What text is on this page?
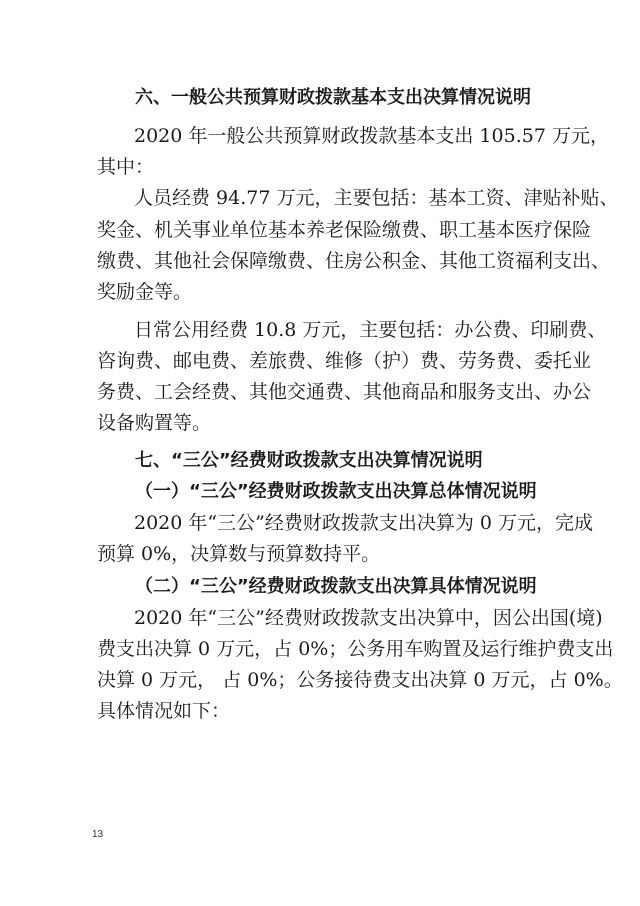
六、一般公共预算财政拨款基本支出决算情况说明
2020 年一般公共预算财政拨款基本支出 105.57 万元，
其中：
人员经费 94.77 万元，主要包括：基本工资、津贴补贴、
奖金、机关事业单位基本养老保险缴费、职工基本医疗保险
缴费、其他社会保障缴费、住房公积金、其他工资福利支出、
奖励金等。
日常公用经费 10.8 万元，主要包括：办公费、印刷费、
咨询费、邮电费、差旅费、维修（护）费、劳务费、委托业
务费、工会经费、其他交通费、其他商品和服务支出、办公
设备购置等。
七、“三公”经费财政拨款支出决算情况说明
（一）“三公”经费财政拨款支出决算总体情况说明
2020 年“三公”经费财政拨款支出决算为 0 万元，完成
预算 0%，决算数与预算数持平。
（二）“三公”经费财政拨款支出决算具体情况说明
2020 年“三公”经费财政拨款支出决算中，因公出国(境)
费支出决算 0 万元，占 0%；公务用车购置及运行维护费支出
决算 0 万元， 占 0%；公务接待费支出决算 0 万元，占 0%。
具体情况如下：
13
